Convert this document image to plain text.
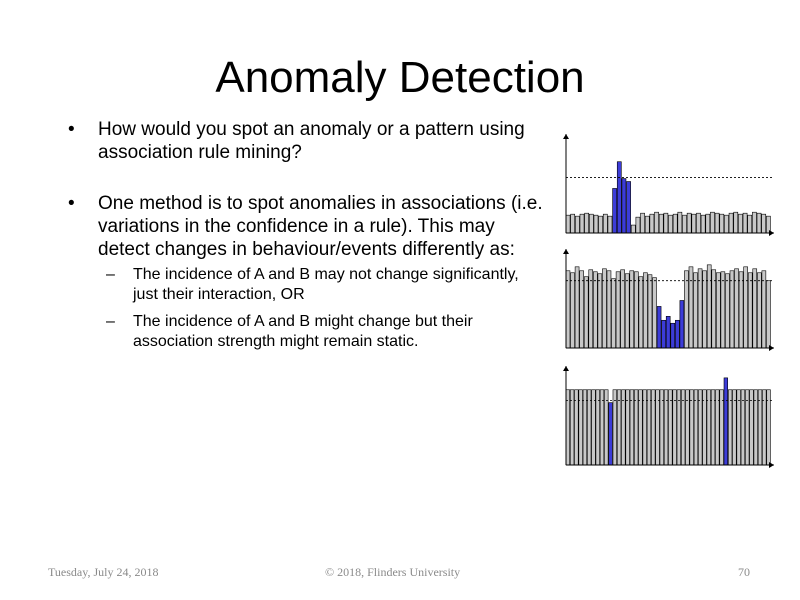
Anomaly Detection
• How would you spot an anomaly or a pattern using association rule mining?
• One method is to spot anomalies in associations (i.e. variations in the confidence in a rule). This may detect changes in behaviour/events differently as:
– The incidence of A and B may not change significantly, just their interaction, OR
– The incidence of A and B might change but their association strength might remain static.
Tuesday, July 24, 2018	© 2018, Flinders University	70
